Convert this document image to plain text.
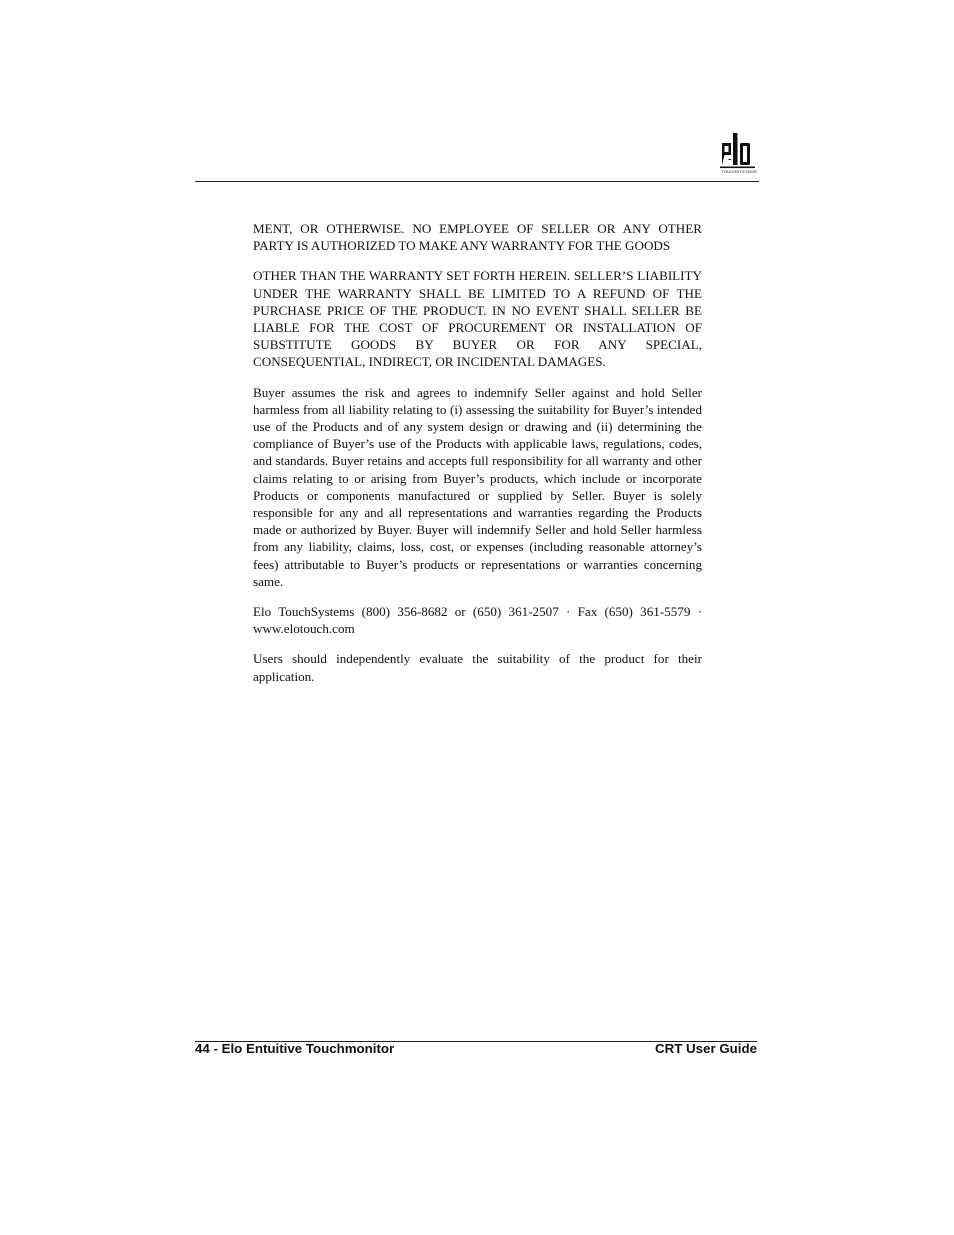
TOUCHSYSTEMS

MENT, OR OTHERWISE. NO EMPLOYEE OF SELLER OR ANY OTHER PARTY IS AUTHORIZED TO MAKE ANY WARRANTY FOR THE GOODS

OTHER THAN THE WARRANTY SET FORTH HEREIN. SELLER’S LIABILITY UNDER THE WARRANTY SHALL BE LIMITED TO A REFUND OF THE PURCHASE PRICE OF THE PRODUCT. IN NO EVENT SHALL SELLER BE LIABLE FOR THE COST OF PROCUREMENT OR INSTALLATION OF SUBSTITUTE GOODS BY BUYER OR FOR ANY SPECIAL, CONSEQUENTIAL, INDIRECT, OR INCIDENTAL DAMAGES.

Buyer assumes the risk and agrees to indemnify Seller against and hold Seller harmless from all liability relating to (i) assessing the suitability for Buyer’s intended use of the Products and of any system design or drawing and (ii) determining the compliance of Buyer’s use of the Products with applicable laws, regulations, codes, and standards. Buyer retains and accepts full responsibility for all warranty and other claims relating to or arising from Buyer’s products, which include or incorporate Products or components manufactured or supplied by Seller. Buyer is solely responsible for any and all representations and warranties regarding the Products made or authorized by Buyer. Buyer will indemnify Seller and hold Seller harmless from any liability, claims, loss, cost, or expenses (including reasonable attorney’s fees) attributable to Buyer’s products or representations or warranties concerning same.

Elo TouchSystems (800) 356-8682 or (650) 361-2507 · Fax (650) 361-5579 · www.elotouch.com

Users should independently evaluate the suitability of the product for their application.

44 - Elo Entuitive Touchmonitor	CRT User Guide
